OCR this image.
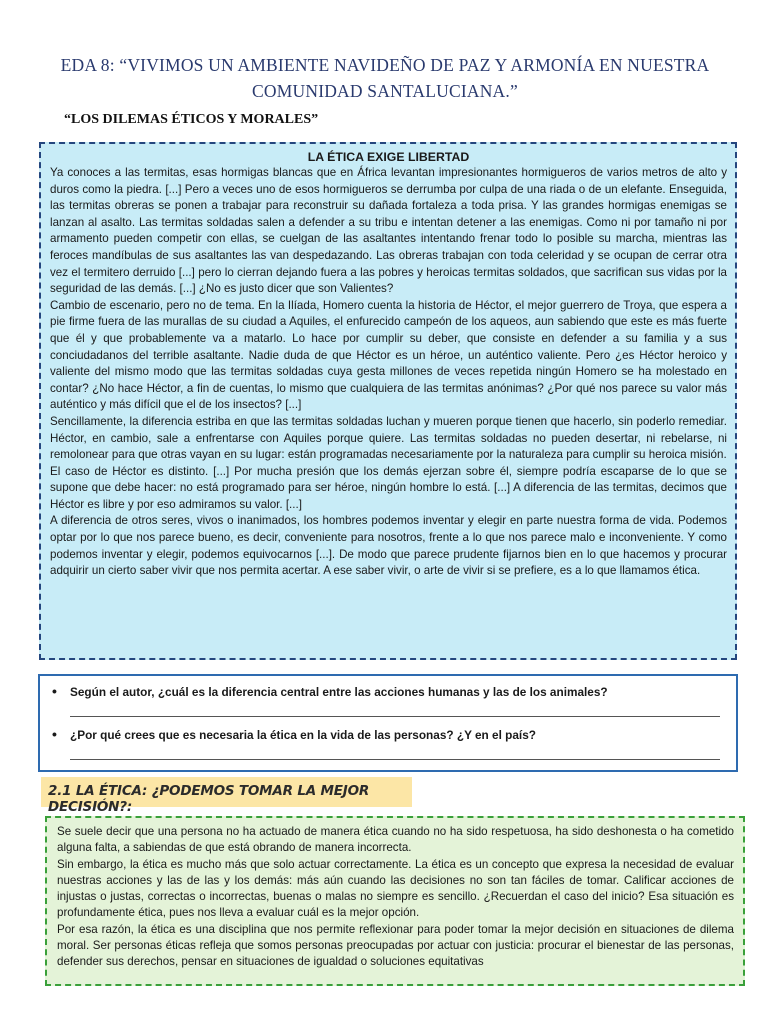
EDA 8: “VIVIMOS UN AMBIENTE NAVIDEÑO DE PAZ Y ARMONÍA EN NUESTRA COMUNIDAD SANTALUCIANA.”
“LOS DILEMAS ÉTICOS Y MORALES”

LA ÉTICA EXIGE LIBERTAD

Ya conoces a las termitas, esas hormigas blancas que en África levantan impresionantes hormigueros de varios metros de alto y duros como la piedra. [...] Pero a veces uno de esos hormigueros se derrumba por culpa de una riada o de un elefante. Enseguida, las termitas obreras se ponen a trabajar para reconstruir su dañada fortaleza a toda prisa. Y las grandes hormigas enemigas se lanzan al asalto. Las termitas soldadas salen a defender a su tribu e intentan detener a las enemigas. Como ni por tamaño ni por armamento pueden competir con ellas, se cuelgan de las asaltantes intentando frenar todo lo posible su marcha, mientras las feroces mandíbulas de sus asaltantes las van despedazando. Las obreras trabajan con toda celeridad y se ocupan de cerrar otra vez el termitero derruido [...] pero lo cierran dejando fuera a las pobres y heroicas termitas soldados, que sacrifican sus vidas por la seguridad de las demás. [...] ¿No es justo dicer que son Valientes?

Cambio de escenario, pero no de tema. En la Ilíada, Homero cuenta la historia de Héctor, el mejor guerrero de Troya, que espera a pie firme fuera de las murallas de su ciudad a Aquiles, el enfurecido campeón de los aqueos, aun sabiendo que este es más fuerte que él y que probablemente va a matarlo. Lo hace por cumplir su deber, que consiste en defender a su familia y a sus conciudadanos del terrible asaltante. Nadie duda de que Héctor es un héroe, un auténtico valiente. Pero ¿es Héctor heroico y valiente del mismo modo que las termitas soldadas cuya gesta millones de veces repetida ningún Homero se ha molestado en contar? ¿No hace Héctor, a fin de cuentas, lo mismo que cualquiera de las termitas anónimas? ¿Por qué nos parece su valor más auténtico y más difícil que el de los insectos? [...]

Sencillamente, la diferencia estriba en que las termitas soldadas luchan y mueren porque tienen que hacerlo, sin poderlo remediar. Héctor, en cambio, sale a enfrentarse con Aquiles porque quiere. Las termitas soldadas no pueden desertar, ni rebelarse, ni remolonear para que otras vayan en su lugar: están programadas necesariamente por la naturaleza para cumplir su heroica misión.

El caso de Héctor es distinto. [...] Por mucha presión que los demás ejerzan sobre él, siempre podría escaparse de lo que se supone que debe hacer: no está programado para ser héroe, ningún hombre lo está. [...] A diferencia de las termitas, decimos que Héctor es libre y por eso admiramos su valor. [...]

A diferencia de otros seres, vivos o inanimados, los hombres podemos inventar y elegir en parte nuestra forma de vida. Podemos optar por lo que nos parece bueno, es decir, conveniente para nosotros, frente a lo que nos parece malo e inconveniente. Y como podemos inventar y elegir, podemos equivocarnos [...]. De modo que parece prudente fijarnos bien en lo que hacemos y procurar adquirir un cierto saber vivir que nos permita acertar. A ese saber vivir, o arte de vivir si se prefiere, es a lo que llamamos ética.

• Según el autor, ¿cuál es la diferencia central entre las acciones humanas y las de los animales?
• ¿Por qué crees que es necesaria la ética en la vida de las personas? ¿Y en el país?
2.1 LA ÉTICA: ¿PODEMOS TOMAR LA MEJOR DECISIÓN?:

Se suele decir que una persona no ha actuado de manera ética cuando no ha sido respetuosa, ha sido deshonesta o ha cometido alguna falta, a sabiendas de que está obrando de manera incorrecta.

Sin embargo, la ética es mucho más que solo actuar correctamente. La ética es un concepto que expresa la necesidad de evaluar nuestras acciones y las de las y los demás: más aún cuando las decisiones no son tan fáciles de tomar. Calificar acciones de injustas o justas, correctas o incorrectas, buenas o malas no siempre es sencillo. ¿Recuerdan el caso del inicio? Esa situación es profundamente ética, pues nos lleva a evaluar cuál es la mejor opción.

Por esa razón, la ética es una disciplina que nos permite reflexionar para poder tomar la mejor decisión en situaciones de dilema moral. Ser personas éticas refleja que somos personas preocupadas por actuar con justicia: procurar el bienestar de las personas, defender sus derechos, pensar en situaciones de igualdad o soluciones equitativas
